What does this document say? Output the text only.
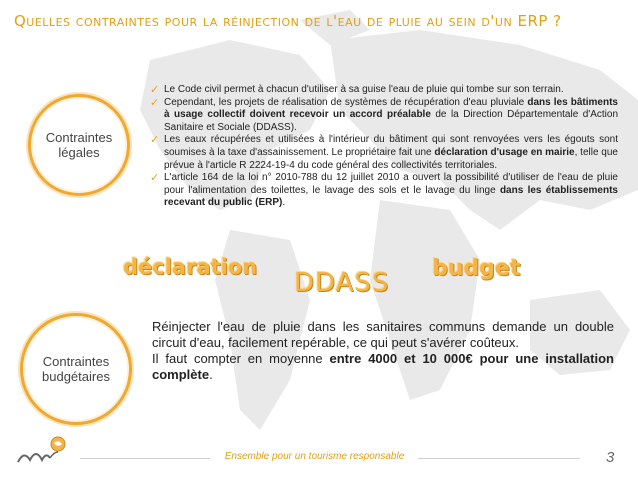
Quelles contraintes pour la réinjection de l'eau de pluie au sein d'un ERP ?
Contraintes
légales
✓ Le Code civil permet à chacun d'utiliser à sa guise l'eau de pluie qui tombe sur son terrain.
✓ Cependant, les projets de réalisation de systèmes de récupération d'eau pluviale dans les bâtiments à usage collectif doivent recevoir un accord préalable de la Direction Départementale d'Action Sanitaire et Sociale (DDASS).
✓ Les eaux récupérées et utilisées à l'intérieur du bâtiment qui sont renvoyées vers les égouts sont soumises à la taxe d'assainissement. Le propriétaire fait une déclaration d'usage en mairie, telle que prévue à l'article R 2224-19-4 du code général des collectivités territoriales.
✓ L'article 164 de la loi n° 2010-788 du 12 juillet 2010 a ouvert la possibilité d'utiliser de l'eau de pluie pour l'alimentation des toilettes, le lavage des sols et le lavage du linge dans les établissements recevant du public (ERP).
déclaration
DDASS budget
Contraintes
budgétaires

Réinjecter l'eau de pluie dans les sanitaires communs demande un double circuit d'eau, facilement repérable, ce qui peut s'avérer coûteux.

Il faut compter en moyenne entre 4000 et 10 000€ pour une installation complète.

Ensemble pour un tourisme responsable	3
